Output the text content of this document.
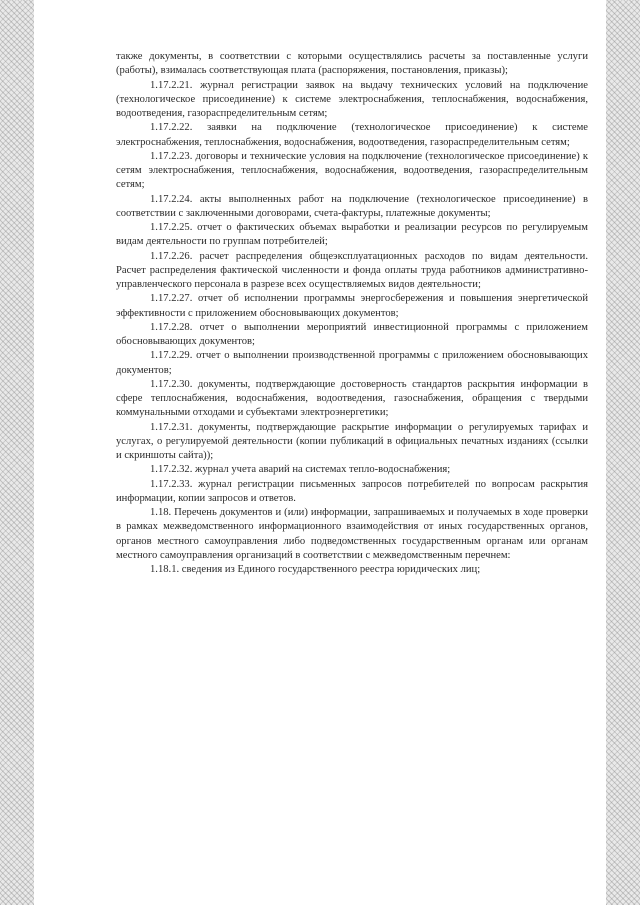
также документы, в соответствии с которыми осуществлялись расчеты за поставленные услуги (работы), взималась соответствующая плата (распоряжения, постановления, приказы);

1.17.2.21. журнал регистрации заявок на выдачу технических условий на подключение (технологическое присоединение) к системе электроснабжения, теплоснабжения, водоснабжения, водоотведения, газораспределительным сетям;

1.17.2.22. заявки на подключение (технологическое присоединение) к системе электроснабжения, теплоснабжения, водоснабжения, водоотведения, газораспределительным сетям;

1.17.2.23. договоры и технические условия на подключение (технологическое присоединение) к сетям электроснабжения, теплоснабжения, водоснабжения, водоотведения, газораспределительным сетям;

1.17.2.24. акты выполненных работ на подключение (технологическое присоединение) в соответствии с заключенными договорами, счета-фактуры, платежные документы;

1.17.2.25. отчет о фактических объемах выработки и реализации ресурсов по регулируемым видам деятельности по группам потребителей;

1.17.2.26. расчет распределения общеэксплуатационных расходов по видам деятельности. Расчет распределения фактической численности и фонда оплаты труда работников административно- управленческого персонала в разрезе всех осуществляемых видов деятельности;

1.17.2.27. отчет об исполнении программы энергосбережения и повышения энергетической эффективности с приложением обосновывающих документов;

1.17.2.28. отчет о выполнении мероприятий инвестиционной программы с приложением обосновывающих документов;

1.17.2.29. отчет о выполнении производственной программы с приложением обосновывающих документов;

1.17.2.30. документы, подтверждающие достоверность стандартов раскрытия информации в сфере теплоснабжения, водоснабжения, водоотведения, газоснабжения, обращения с твердыми коммунальными отходами и субъектами электроэнергетики;

1.17.2.31. документы, подтверждающие раскрытие информации о регулируемых тарифах и услугах, о регулируемой деятельности (копии публикаций в официальных печатных изданиях (ссылки и скриншоты сайта));

1.17.2.32. журнал учета аварий на системах тепло-водоснабжения;

1.17.2.33. журнал регистрации письменных запросов потребителей по вопросам раскрытия информации, копии запросов и ответов.

1.18. Перечень документов и (или) информации, запрашиваемых и получаемых в ходе проверки в рамках межведомственного информационного взаимодействия от иных государственных органов, органов местного самоуправления либо подведомственных государственным органам или органам местного самоуправления организаций в соответствии с межведомственным перечнем:

1.18.1. сведения из Единого государственного реестра юридических лиц;
